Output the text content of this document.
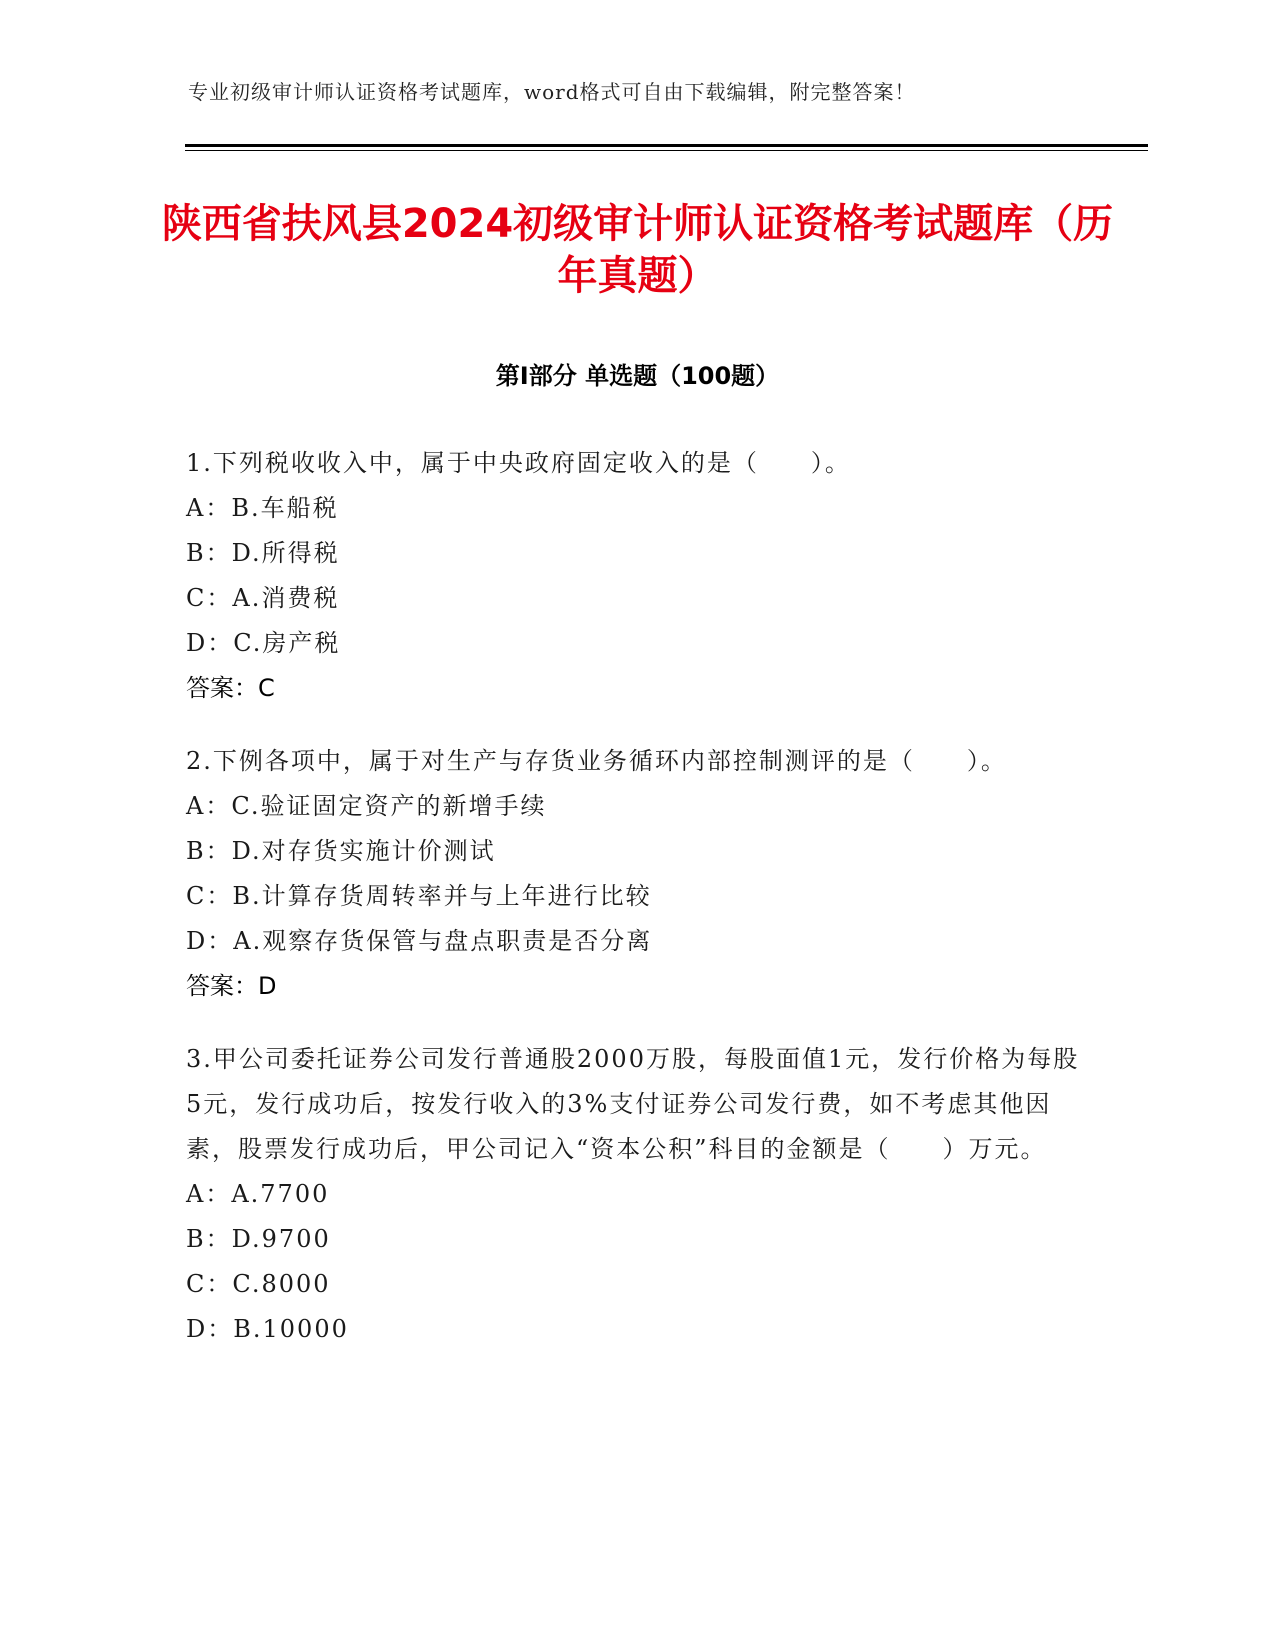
专业初级审计师认证资格考试题库，word格式可自由下载编辑，附完整答案！
陕西省扶风县2024初级审计师认证资格考试题库（历年真题）
第Ⅰ部分 单选题（100题）
1.下列税收收入中，属于中央政府固定收入的是（　　）。
A：B.车船税
B：D.所得税
C：A.消费税
D：C.房产税
答案：C
2.下例各项中，属于对生产与存货业务循环内部控制测评的是（　　）。
A：C.验证固定资产的新增手续
B：D.对存货实施计价测试
C：B.计算存货周转率并与上年进行比较
D：A.观察存货保管与盘点职责是否分离
答案：D
3.甲公司委托证券公司发行普通股2000万股，每股面值1元，发行价格为每股5元，发行成功后，按发行收入的3%支付证券公司发行费，如不考虑其他因素，股票发行成功后，甲公司记入“资本公积”科目的金额是（　　）万元。
A：A.7700
B：D.9700
C：C.8000
D：B.10000
